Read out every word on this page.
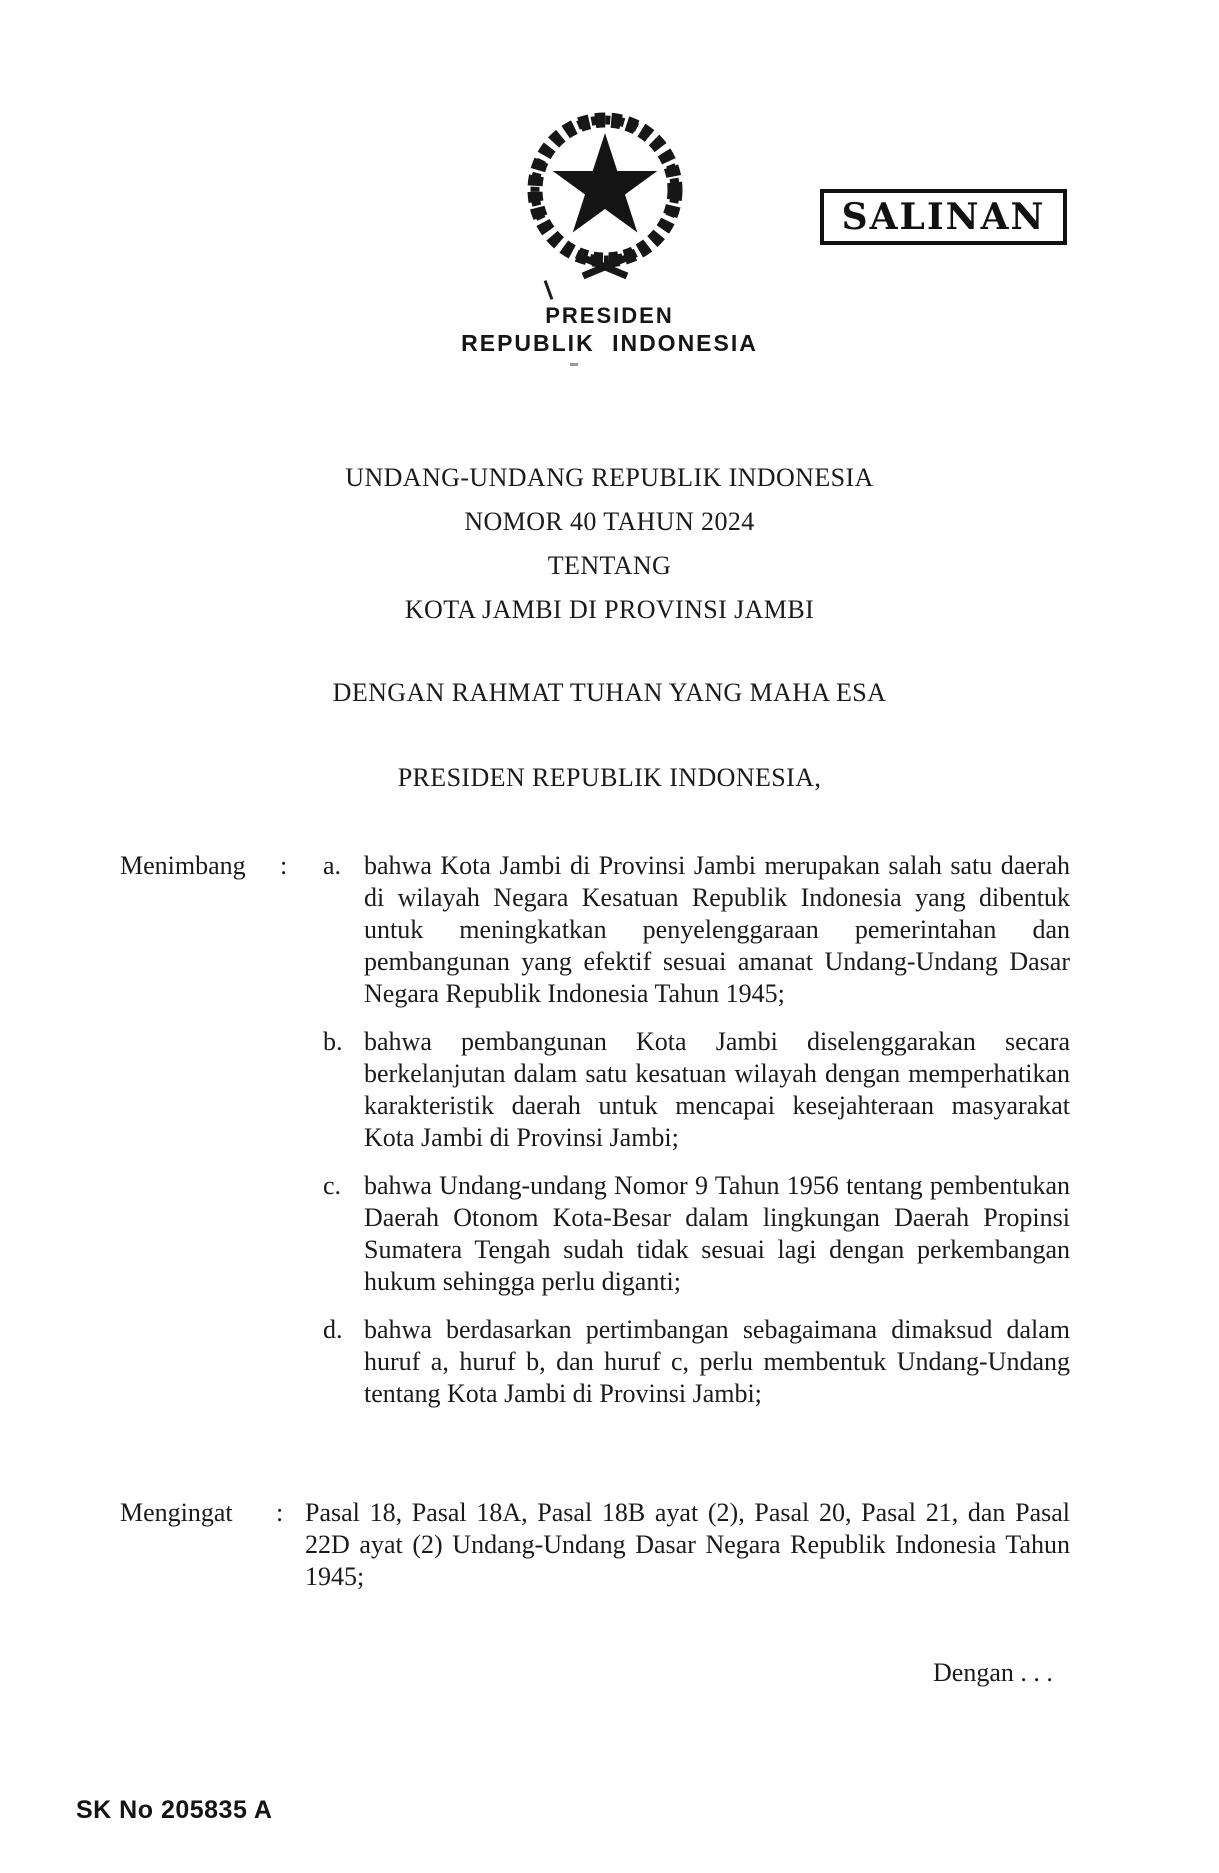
SALINAN
PRESIDEN
REPUBLIK INDONESIA
UNDANG-UNDANG REPUBLIK INDONESIA
NOMOR 40 TAHUN 2024
TENTANG
KOTA JAMBI DI PROVINSI JAMBI
DENGAN RAHMAT TUHAN YANG MAHA ESA
PRESIDEN REPUBLIK INDONESIA,
Menimbang : a. bahwa Kota Jambi di Provinsi Jambi merupakan salah satu daerah di wilayah Negara Kesatuan Republik Indonesia yang dibentuk untuk meningkatkan penyelenggaraan pemerintahan dan pembangunan yang efektif sesuai amanat Undang-Undang Dasar Negara Republik Indonesia Tahun 1945;
b. bahwa pembangunan Kota Jambi diselenggarakan secara berkelanjutan dalam satu kesatuan wilayah dengan memperhatikan karakteristik daerah untuk mencapai kesejahteraan masyarakat Kota Jambi di Provinsi Jambi;
c. bahwa Undang-undang Nomor 9 Tahun 1956 tentang pembentukan Daerah Otonom Kota-Besar dalam lingkungan Daerah Propinsi Sumatera Tengah sudah tidak sesuai lagi dengan perkembangan hukum sehingga perlu diganti;
d. bahwa berdasarkan pertimbangan sebagaimana dimaksud dalam huruf a, huruf b, dan huruf c, perlu membentuk Undang-Undang tentang Kota Jambi di Provinsi Jambi;
Mengingat : Pasal 18, Pasal 18A, Pasal 18B ayat (2), Pasal 20, Pasal 21, dan Pasal 22D ayat (2) Undang-Undang Dasar Negara Republik Indonesia Tahun 1945;
Dengan . . .
SK No 205835 A
